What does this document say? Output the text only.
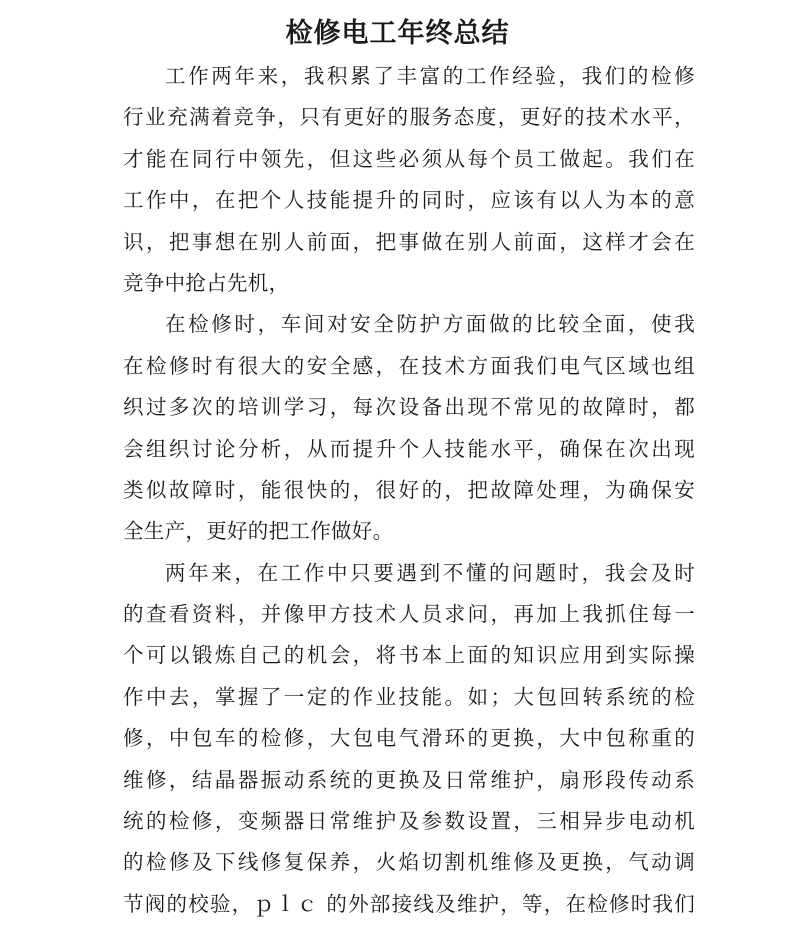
检修电工年终总结
工作两年来，我积累了丰富的工作经验，我们的检修
行业充满着竞争，只有更好的服务态度，更好的技术水平，
才能在同行中领先，但这些必须从每个员工做起。我们在
工作中，在把个人技能提升的同时，应该有以人为本的意
识，把事想在别人前面，把事做在别人前面，这样才会在
竞争中抢占先机，
在检修时，车间对安全防护方面做的比较全面，使我
在检修时有很大的安全感，在技术方面我们电气区域也组
织过多次的培训学习，每次设备出现不常见的故障时，都
会组织讨论分析，从而提升个人技能水平，确保在次出现
类似故障时，能很快的，很好的，把故障处理，为确保安
全生产，更好的把工作做好。
两年来，在工作中只要遇到不懂的问题时，我会及时
的查看资料，并像甲方技术人员求问，再加上我抓住每一
个可以锻炼自己的机会，将书本上面的知识应用到实际操
作中去，掌握了一定的作业技能。如；大包回转系统的检
修，中包车的检修，大包电气滑环的更换，大中包称重的
维修，结晶器振动系统的更换及日常维护，扇形段传动系
统的检修，变频器日常维护及参数设置，三相异步电动机
的检修及下线修复保养，火焰切割机维修及更换，气动调
节阀的校验，ｐｌｃ 的外部接线及维护，等，在检修时我们
